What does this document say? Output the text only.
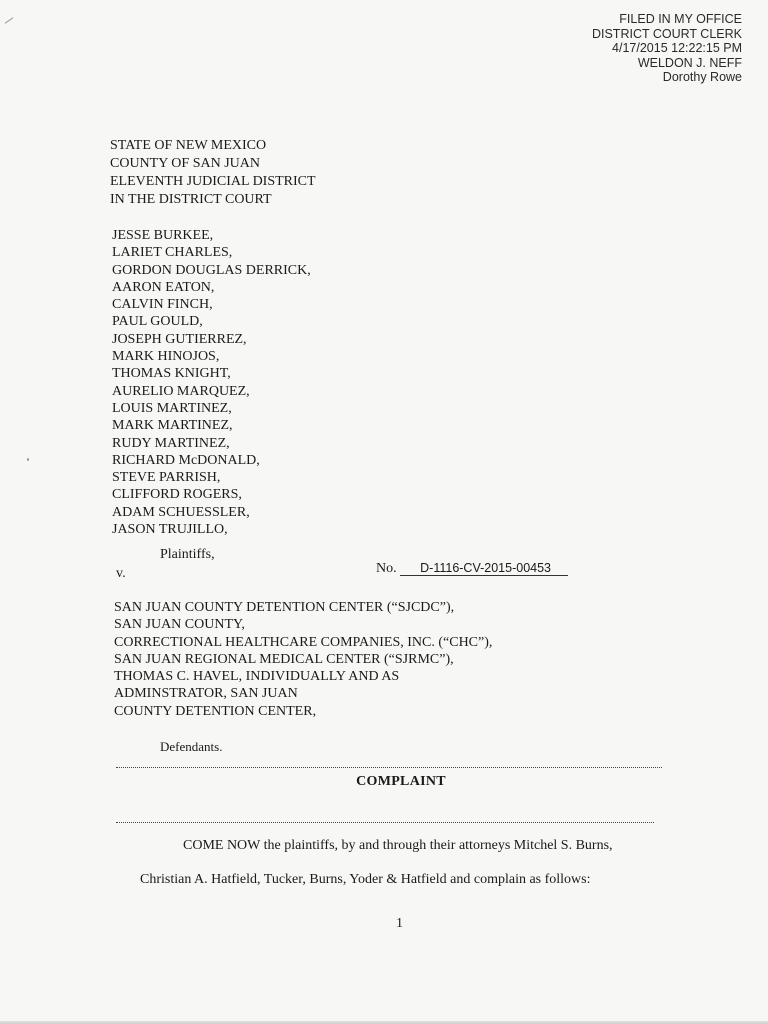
FILED IN MY OFFICE
DISTRICT COURT CLERK
4/17/2015 12:22:15 PM
WELDON J. NEFF
Dorothy Rowe
STATE OF NEW MEXICO
COUNTY OF SAN JUAN
ELEVENTH JUDICIAL DISTRICT
IN THE DISTRICT COURT
JESSE BURKEE,
LARIET CHARLES,
GORDON DOUGLAS DERRICK,
AARON EATON,
CALVIN FINCH,
PAUL GOULD,
JOSEPH GUTIERREZ,
MARK HINOJOS,
THOMAS KNIGHT,
AURELIO MARQUEZ,
LOUIS MARTINEZ,
MARK MARTINEZ,
RUDY MARTINEZ,
RICHARD McDONALD,
STEVE PARRISH,
CLIFFORD ROGERS,
ADAM SCHUESSLER,
JASON TRUJILLO,
Plaintiffs,
v.	No. D-1116-CV-2015-00453
SAN JUAN COUNTY DETENTION CENTER (“SJCDC”),
SAN JUAN COUNTY,
CORRECTIONAL HEALTHCARE COMPANIES, INC. (“CHC”),
SAN JUAN REGIONAL MEDICAL CENTER (“SJRMC”),
THOMAS C. HAVEL, INDIVIDUALLY AND AS
ADMINSTRATOR, SAN JUAN
COUNTY DETENTION CENTER,
Defendants.
COMPLAINT
COME NOW the plaintiffs, by and through their attorneys Mitchel S. Burns,
Christian A. Hatfield, Tucker, Burns, Yoder & Hatfield and complain as follows:
1
